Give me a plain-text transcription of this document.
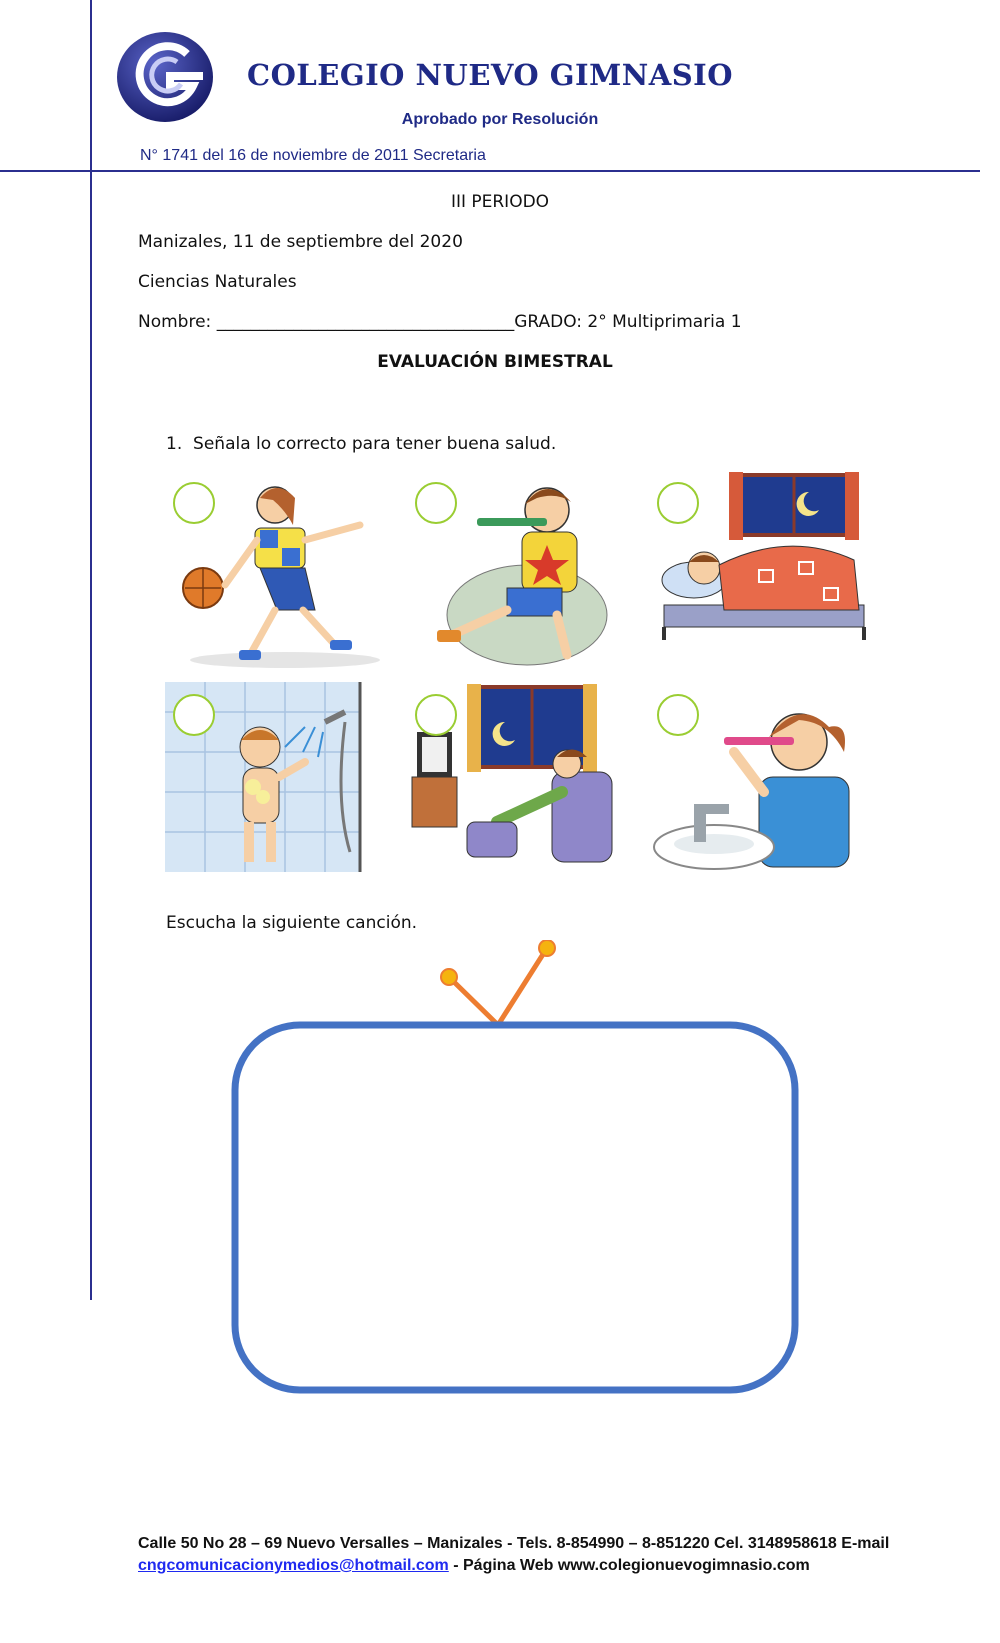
COLEGIO NUEVO GIMNASIO
Aprobado por Resolución
N° 1741 del 16 de noviembre de 2011 Secretaria
III PERIODO
Manizales, 11 de septiembre del 2020
Ciencias Naturales
Nombre: ___________________________________GRADO: 2° Multiprimaria 1
EVALUACIÓN BIMESTRAL
1. Señala lo correcto para tener buena salud.
Escucha la siguiente canción.
Calle 50 No 28 – 69 Nuevo Versalles – Manizales - Tels. 8-854990 – 8-851220 Cel. 3148958618 E-mail
cngcomunicacionymedios@hotmail.com - Página Web www.colegionuevogimnasio.com
